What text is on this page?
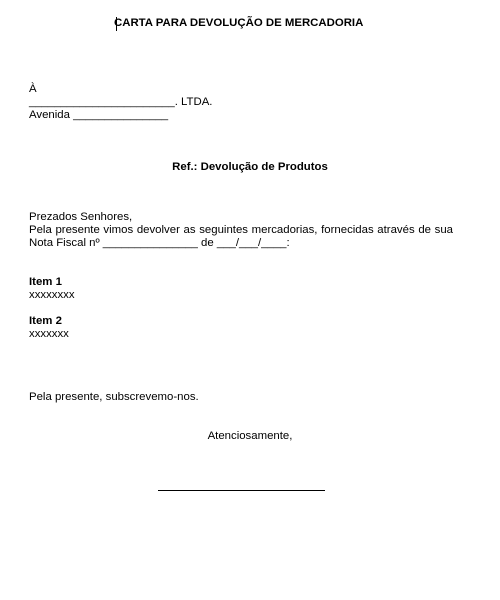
CARTA PARA DEVOLUÇÃO DE MERCADORIA
À
_______________________. LTDA.
Avenida _______________
Ref.: Devolução de Produtos
Prezados Senhores,
Pela presente vimos devolver as seguintes mercadorias, fornecidas através de sua
Nota Fiscal nº _______________ de ___/___/____:
Item 1
xxxxxxxx
Item 2
xxxxxxx
Pela presente, subscrevemo-nos.
Atenciosamente,
